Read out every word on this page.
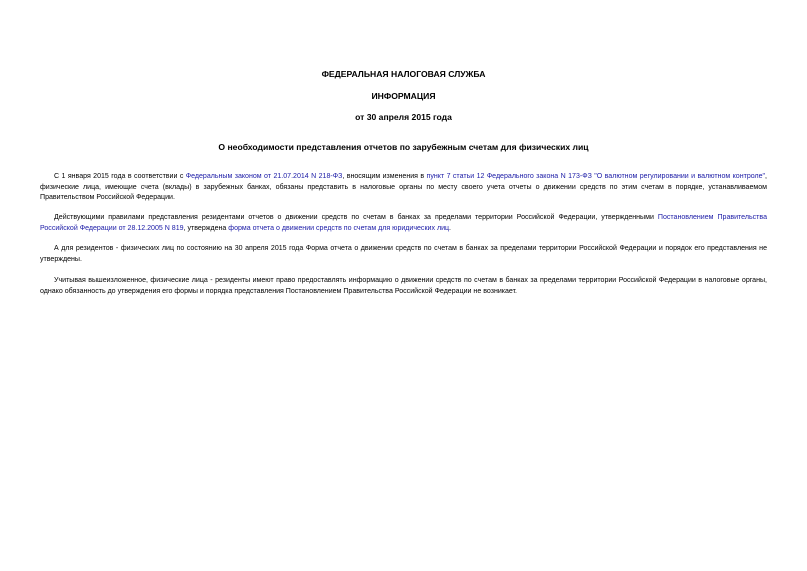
ФЕДЕРАЛЬНАЯ НАЛОГОВАЯ СЛУЖБА
ИНФОРМАЦИЯ
от 30 апреля 2015 года
О необходимости представления отчетов по зарубежным счетам для физических лиц

С 1 января 2015 года в соответствии с Федеральным законом от 21.07.2014 N 218-ФЗ, вносящим изменения в пункт 7 статьи 12 Федерального закона N 173-ФЗ "О валютном регулировании и валютном контроле", физические лица, имеющие счета (вклады) в зарубежных банках, обязаны представить в налоговые органы по месту своего учета отчеты о движении средств по этим счетам в порядке, устанавливаемом Правительством Российской Федерации.

Действующими правилами представления резидентами отчетов о движении средств по счетам в банках за пределами территории Российской Федерации, утвержденными Постановлением Правительства Российской Федерации от 28.12.2005 N 819, утверждена форма отчета о движении средств по счетам для юридических лиц.

А для резидентов - физических лиц по состоянию на 30 апреля 2015 года Форма отчета о движении средств по счетам в банках за пределами территории Российской Федерации и порядок его представления не утверждены.

Учитывая вышеизложенное, физические лица - резиденты имеют право предоставлять информацию о движении средств по счетам в банках за пределами территории Российской Федерации в налоговые органы, однако обязанность до утверждения его формы и порядка представления Постановлением Правительства Российской Федерации не возникает.
